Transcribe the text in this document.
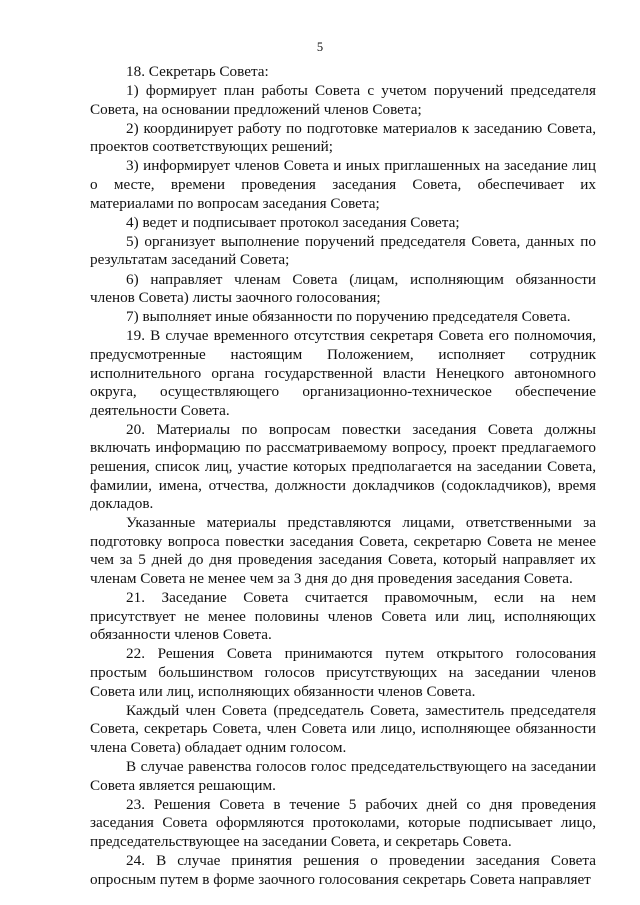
5

18. Секретарь Совета:

1) формирует план работы Совета с учетом поручений председателя Совета, на основании предложений членов Совета;

2) координирует работу по подготовке материалов к заседанию Совета, проектов соответствующих решений;

3) информирует членов Совета и иных приглашенных на заседание лиц о месте, времени проведения заседания Совета, обеспечивает их материалами по вопросам заседания Совета;

4) ведет и подписывает протокол заседания Совета;

5) организует выполнение поручений председателя Совета, данных по результатам заседаний Совета;

6) направляет членам Совета (лицам, исполняющим обязанности членов Совета) листы заочного голосования;

7) выполняет иные обязанности по поручению председателя Совета.

19. В случае временного отсутствия секретаря Совета его полномочия, предусмотренные настоящим Положением, исполняет сотрудник исполнительного органа государственной власти Ненецкого автономного округа, осуществляющего организационно-техническое обеспечение деятельности Совета.

20. Материалы по вопросам повестки заседания Совета должны включать информацию по рассматриваемому вопросу, проект предлагаемого решения, список лиц, участие которых предполагается на заседании Совета, фамилии, имена, отчества, должности докладчиков (содокладчиков), время докладов.

Указанные материалы представляются лицами, ответственными за подготовку вопроса повестки заседания Совета, секретарю Совета не менее чем за 5 дней до дня проведения заседания Совета, который направляет их членам Совета не менее чем за 3 дня до дня проведения заседания Совета.

21. Заседание Совета считается правомочным, если на нем присутствует не менее половины членов Совета или лиц, исполняющих обязанности членов Совета.

22. Решения Совета принимаются путем открытого голосования простым большинством голосов присутствующих на заседании членов Совета или лиц, исполняющих обязанности членов Совета.

Каждый член Совета (председатель Совета, заместитель председателя Совета, секретарь Совета, член Совета или лицо, исполняющее обязанности члена Совета) обладает одним голосом.

В случае равенства голосов голос председательствующего на заседании Совета является решающим.

23. Решения Совета в течение 5 рабочих дней со дня проведения заседания Совета оформляются протоколами, которые подписывает лицо, председательствующее на заседании Совета, и секретарь Совета.

24. В случае принятия решения о проведении заседания Совета опросным путем в форме заочного голосования секретарь Совета направляет
